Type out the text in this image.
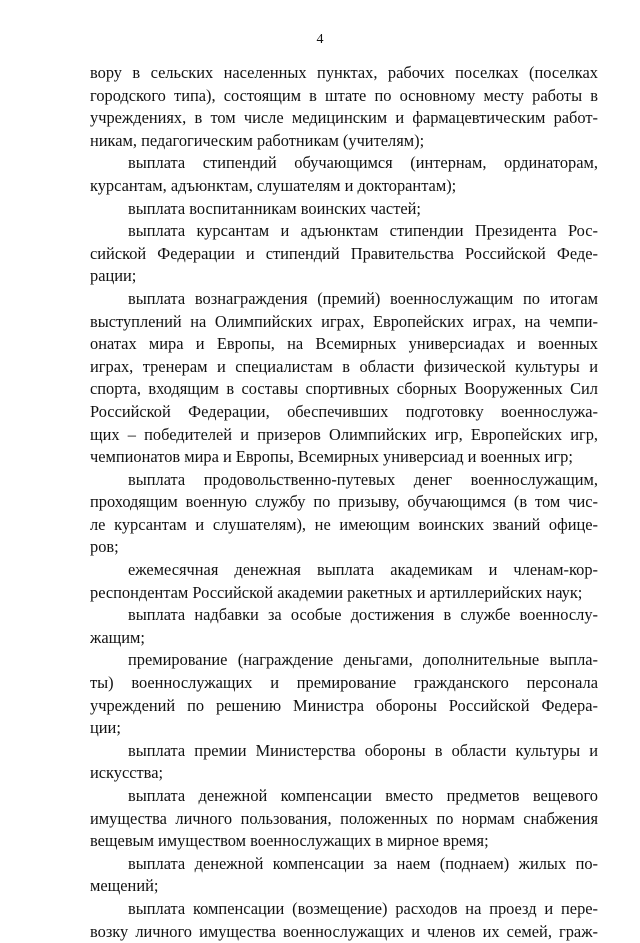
4
вору в сельских населенных пунктах, рабочих поселках (поселках
городского типа), состоящим в штате по основному месту работы в
учреждениях, в том числе медицинским и фармацевтическим работ-
никам, педагогическим работникам (учителям);
выплата стипендий обучающимся (интернам, ординаторам,
курсантам, адъюнктам, слушателям и докторантам);
выплата воспитанникам воинских частей;
выплата курсантам и адъюнктам стипендии Президента Рос-
сийской Федерации и стипендий Правительства Российской Феде-
рации;
выплата вознаграждения (премий) военнослужащим по итогам
выступлений на Олимпийских играх, Европейских играх, на чемпи-
онатах мира и Европы, на Всемирных универсиадах и военных
играх, тренерам и специалистам в области физической культуры и
спорта, входящим в составы спортивных сборных Вооруженных Сил
Российской Федерации, обеспечивших подготовку военнослужа-
щих – победителей и призеров Олимпийских игр, Европейских игр,
чемпионатов мира и Европы, Всемирных универсиад и военных игр;
выплата продовольственно-путевых денег военнослужащим,
проходящим военную службу по призыву, обучающимся (в том чис-
ле курсантам и слушателям), не имеющим воинских званий офице-
ров;
ежемесячная денежная выплата академикам и членам-кор-
респондентам Российской академии ракетных и артиллерийских наук;
выплата надбавки за особые достижения в службе военнослу-
жащим;
премирование (награждение деньгами, дополнительные выпла-
ты) военнослужащих и премирование гражданского персонала
учреждений по решению Министра обороны Российской Федера-
ции;
выплата премии Министерства обороны в области культуры и
искусства;
выплата денежной компенсации вместо предметов вещевого
имущества личного пользования, положенных по нормам снабжения
вещевым имуществом военнослужащих в мирное время;
выплата денежной компенсации за наем (поднаем) жилых по-
мещений;
выплата компенсации (возмещение) расходов на проезд и пере-
возку личного имущества военнослужащих и членов их семей, граж-
